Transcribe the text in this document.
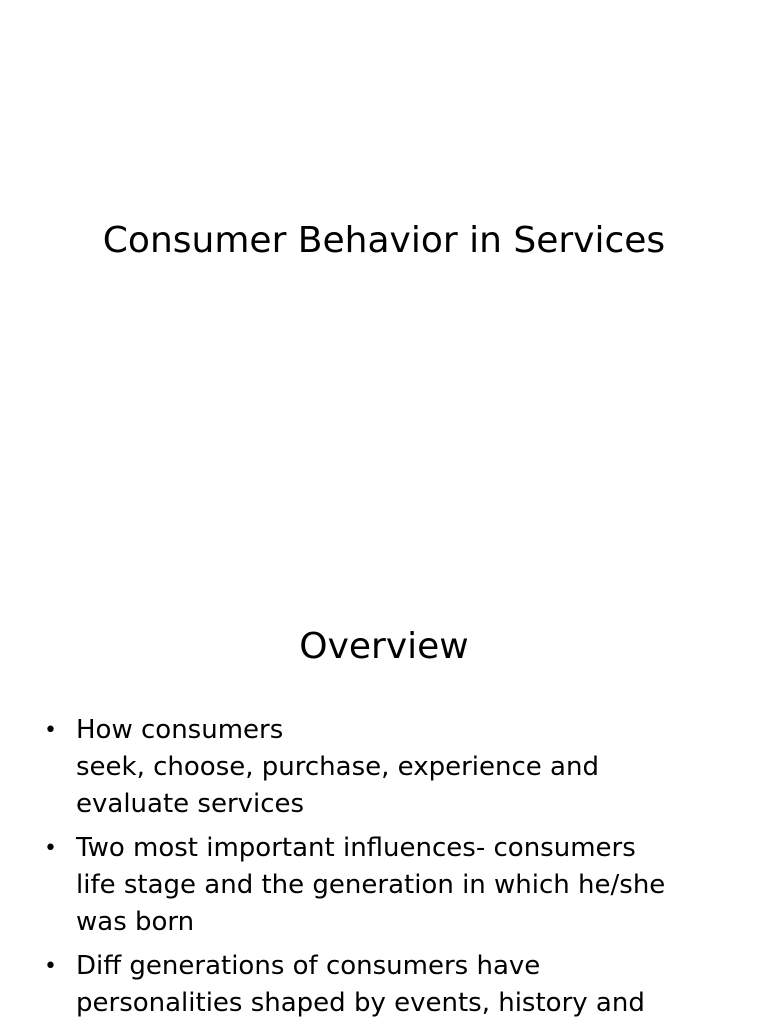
Consumer Behavior in Services
Overview
• How consumers
seek, choose, purchase, experience and
evaluate services
• Two most important influences- consumers
life stage and the generation in which he/she
was born
• Diff generations of consumers have
personalities shaped by events, history and
